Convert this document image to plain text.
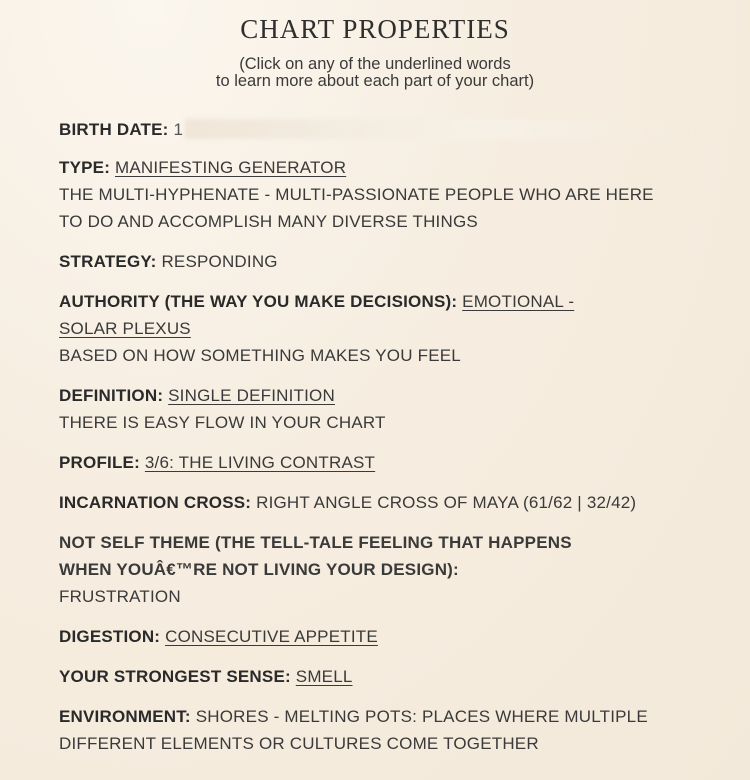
CHART PROPERTIES
(Click on any of the underlined words
to learn more about each part of your chart)
BIRTH DATE: 1
TYPE: MANIFESTING GENERATOR
THE MULTI-HYPHENATE - MULTI-PASSIONATE PEOPLE WHO ARE HERE
TO DO AND ACCOMPLISH MANY DIVERSE THINGS
STRATEGY: RESPONDING
AUTHORITY (THE WAY YOU MAKE DECISIONS): EMOTIONAL -
SOLAR PLEXUS
BASED ON HOW SOMETHING MAKES YOU FEEL
DEFINITION: SINGLE DEFINITION
THERE IS EASY FLOW IN YOUR CHART
PROFILE: 3/6: THE LIVING CONTRAST
INCARNATION CROSS: RIGHT ANGLE CROSS OF MAYA (61/62 | 32/42)
NOT SELF THEME (THE TELL-TALE FEELING THAT HAPPENS
WHEN YOUÂ€™RE NOT LIVING YOUR DESIGN):
FRUSTRATION
DIGESTION: CONSECUTIVE APPETITE
YOUR STRONGEST SENSE: SMELL
ENVIRONMENT: SHORES - MELTING POTS: PLACES WHERE MULTIPLE
DIFFERENT ELEMENTS OR CULTURES COME TOGETHER
